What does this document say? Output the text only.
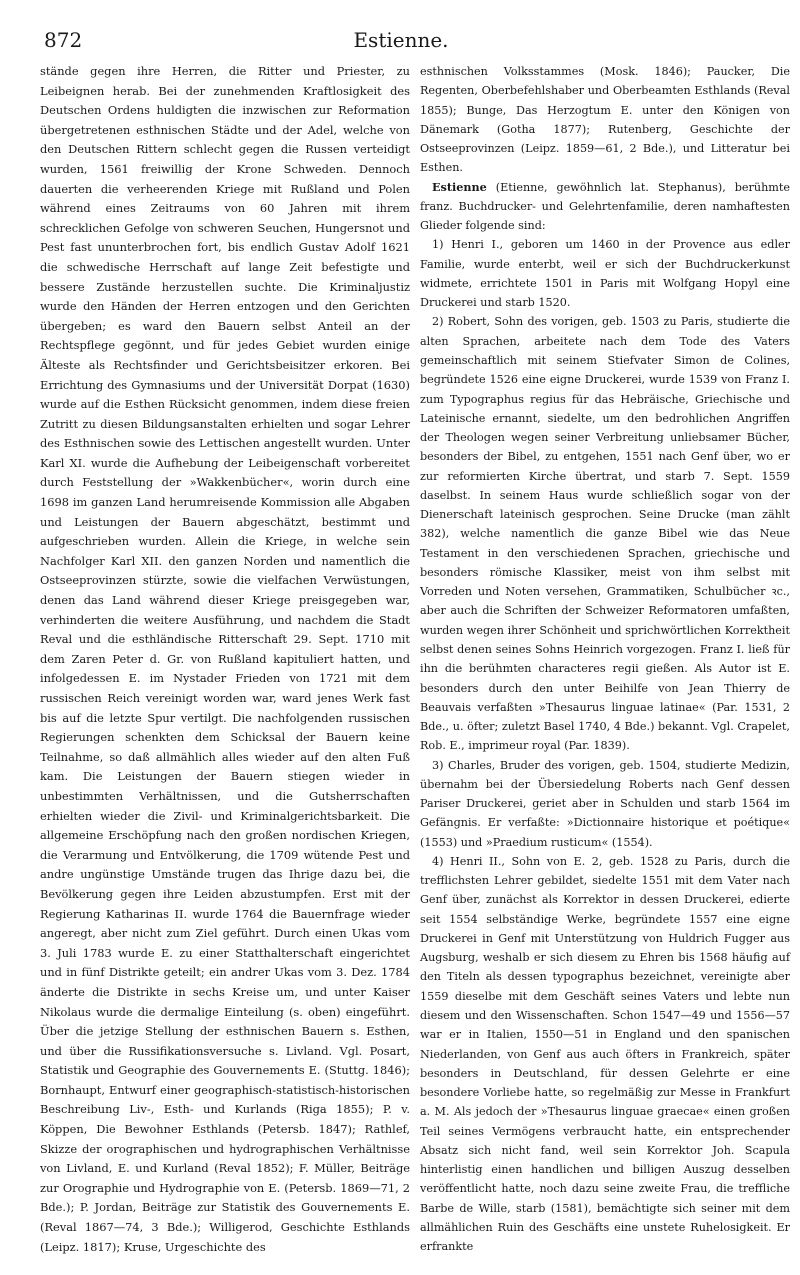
872	Estienne.

stände gegen ihre Herren, die Ritter und Priester, zu Leibeignen herab. Bei der zunehmenden Kraftlosigkeit des Deutschen Ordens huldigten die inzwischen zur Reformation übergetretenen esthnischen Städte und der Adel, welche von den Deutschen Rittern schlecht gegen die Russen verteidigt wurden, 1561 freiwillig der Krone Schweden. Dennoch dauerten die verheerenden Kriege mit Rußland und Polen während eines Zeitraums von 60 Jahren mit ihrem schrecklichen Gefolge von schweren Seuchen, Hungersnot und Pest fast ununterbrochen fort, bis endlich Gustav Adolf 1621 die schwedische Herrschaft auf lange Zeit befestigte und bessere Zustände herzustellen suchte. Die Kriminaljustiz wurde den Händen der Herren entzogen und den Gerichten übergeben; es ward den Bauern selbst Anteil an der Rechtspflege gegönnt, und für jedes Gebiet wurden einige Älteste als Rechtsfinder und Gerichtsbeisitzer erkoren. Bei Errichtung des Gymnasiums und der Universität Dorpat (1630) wurde auf die Esthen Rücksicht genommen, indem diese freien Zutritt zu diesen Bildungsanstalten erhielten und sogar Lehrer des Esthnischen sowie des Lettischen angestellt wurden. Unter Karl XI. wurde die Aufhebung der Leibeigenschaft vorbereitet durch Feststellung der »Wakkenbücher«, worin durch eine 1698 im ganzen Land herumreisende Kommission alle Abgaben und Leistungen der Bauern abgeschätzt, bestimmt und aufgeschrieben wurden. Allein die Kriege, in welche sein Nachfolger Karl XII. den ganzen Norden und namentlich die Ostseeprovinzen stürzte, sowie die vielfachen Verwüstungen, denen das Land während dieser Kriege preisgegeben war, verhinderten die weitere Ausführung, und nachdem die Stadt Reval und die esthländische Ritterschaft 29. Sept. 1710 mit dem Zaren Peter d. Gr. von Rußland kapituliert hatten, und infolgedessen E. im Nystader Frieden von 1721 mit dem russischen Reich vereinigt worden war, ward jenes Werk fast bis auf die letzte Spur vertilgt. Die nachfolgenden russischen Regierungen schenkten dem Schicksal der Bauern keine Teilnahme, so daß allmählich alles wieder auf den alten Fuß kam. Die Leistungen der Bauern stiegen wieder in unbestimmten Verhältnissen, und die Gutsherrschaften erhielten wieder die Zivil- und Kriminalgerichtsbarkeit. Die allgemeine Erschöpfung nach den großen nordischen Kriegen, die Verarmung und Entvölkerung, die 1709 wütende Pest und andre ungünstige Umstände trugen das Ihrige dazu bei, die Bevölkerung gegen ihre Leiden abzustumpfen. Erst mit der Regierung Katharinas II. wurde 1764 die Bauernfrage wieder angeregt, aber nicht zum Ziel geführt. Durch einen Ukas vom 3. Juli 1783 wurde E. zu einer Statthalterschaft eingerichtet und in fünf Distrikte geteilt; ein andrer Ukas vom 3. Dez. 1784 änderte die Distrikte in sechs Kreise um, und unter Kaiser Nikolaus wurde die dermalige Einteilung (s. oben) eingeführt. Über die jetzige Stellung der esthnischen Bauern s. Esthen, und über die Russifikationsversuche s. Livland. Vgl. Posart, Statistik und Geographie des Gouvernements E. (Stuttg. 1846); Bornhaupt, Entwurf einer geographisch-statistisch-historischen Beschreibung Liv-, Esth- und Kurlands (Riga 1855); P. v. Köppen, Die Bewohner Esthlands (Petersb. 1847); Rathlef, Skizze der orographischen und hydrographischen Verhältnisse von Livland, E. und Kurland (Reval 1852); F. Müller, Beiträge zur Orographie und Hydrographie von E. (Petersb. 1869—71, 2 Bde.); P. Jordan, Beiträge zur Statistik des Gouvernements E. (Reval 1867—74, 3 Bde.); Willigerod, Geschichte Esthlands (Leipz. 1817); Kruse, Urgeschichte des

esthnischen Volksstammes (Mosk. 1846); Paucker, Die Regenten, Oberbefehlshaber und Oberbeamten Esthlands (Reval 1855); Bunge, Das Herzogtum E. unter den Königen von Dänemark (Gotha 1877); Rutenberg, Geschichte der Ostseeprovinzen (Leipz. 1859—61, 2 Bde.), und Litteratur bei Esthen.

Estienne (Etienne, gewöhnlich lat. Stephanus), berühmte franz. Buchdrucker- und Gelehrtenfamilie, deren namhaftesten Glieder folgende sind:

1) Henri I., geboren um 1460 in der Provence aus edler Familie, wurde enterbt, weil er sich der Buchdruckerkunst widmete, errichtete 1501 in Paris mit Wolfgang Hopyl eine Druckerei und starb 1520.

2) Robert, Sohn des vorigen, geb. 1503 zu Paris, studierte die alten Sprachen, arbeitete nach dem Tode des Vaters gemeinschaftlich mit seinem Stiefvater Simon de Colines, begründete 1526 eine eigne Druckerei, wurde 1539 von Franz I. zum Typographus regius für das Hebräische, Griechische und Lateinische ernannt, siedelte, um den bedrohlichen Angriffen der Theologen wegen seiner Verbreitung unliebsamer Bücher, besonders der Bibel, zu entgehen, 1551 nach Genf über, wo er zur reformierten Kirche übertrat, und starb 7. Sept. 1559 daselbst. In seinem Haus wurde schließlich sogar von der Dienerschaft lateinisch gesprochen. Seine Drucke (man zählt 382), welche namentlich die ganze Bibel wie das Neue Testament in den verschiedenen Sprachen, griechische und besonders römische Klassiker, meist von ihm selbst mit Vorreden und Noten versehen, Grammatiken, Schulbücher ꝛc., aber auch die Schriften der Schweizer Reformatoren umfaßten, wurden wegen ihrer Schönheit und sprichwörtlichen Korrektheit selbst denen seines Sohns Heinrich vorgezogen. Franz I. ließ für ihn die berühmten characteres regii gießen. Als Autor ist E. besonders durch den unter Beihilfe von Jean Thierry de Beauvais verfaßten »Thesaurus linguae latinae« (Par. 1531, 2 Bde., u. öfter; zuletzt Basel 1740, 4 Bde.) bekannt. Vgl. Crapelet, Rob. E., imprimeur royal (Par. 1839).

3) Charles, Bruder des vorigen, geb. 1504, studierte Medizin, übernahm bei der Übersiedelung Roberts nach Genf dessen Pariser Druckerei, geriet aber in Schulden und starb 1564 im Gefängnis. Er verfaßte: »Dictionnaire historique et poétique« (1553) und »Praedium rusticum« (1554).

4) Henri II., Sohn von E. 2, geb. 1528 zu Paris, durch die trefflichsten Lehrer gebildet, siedelte 1551 mit dem Vater nach Genf über, zunächst als Korrektor in dessen Druckerei, edierte seit 1554 selbständige Werke, begründete 1557 eine eigne Druckerei in Genf mit Unterstützung von Huldrich Fugger aus Augsburg, weshalb er sich diesem zu Ehren bis 1568 häufig auf den Titeln als dessen typographus bezeichnet, vereinigte aber 1559 dieselbe mit dem Geschäft seines Vaters und lebte nun diesem und den Wissenschaften. Schon 1547—49 und 1556—57 war er in Italien, 1550—51 in England und den spanischen Niederlanden, von Genf aus auch öfters in Frankreich, später besonders in Deutschland, für dessen Gelehrte er eine besondere Vorliebe hatte, so regelmäßig zur Messe in Frankfurt a. M. Als jedoch der »Thesaurus linguae graecae« einen großen Teil seines Vermögens verbraucht hatte, ein entsprechender Absatz sich nicht fand, weil sein Korrektor Joh. Scapula hinterlistig einen handlichen und billigen Auszug desselben veröffentlicht hatte, noch dazu seine zweite Frau, die treffliche Barbe de Wille, starb (1581), bemächtigte sich seiner mit dem allmählichen Ruin des Geschäfts eine unstete Ruhelosigkeit. Er erfrankte
